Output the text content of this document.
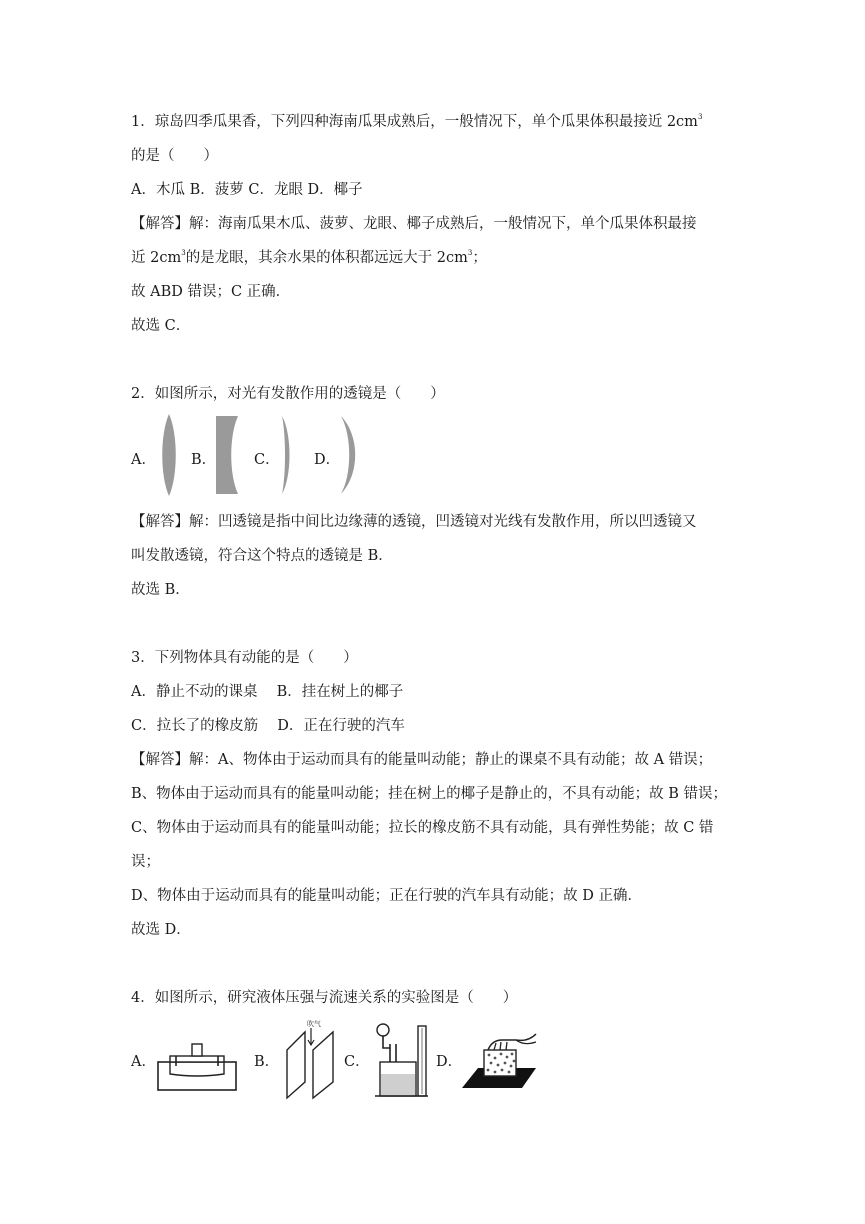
1．琼岛四季瓜果香，下列四种海南瓜果成熟后，一般情况下，单个瓜果体积最接近 $2cm^3$
的是（　　）
A．木瓜 B．菠萝 C．龙眼 D．椰子
【解答】解：海南瓜果木瓜、菠萝、龙眼、椰子成熟后，一般情况下，单个瓜果体积最接
近 $2cm^3$的是龙眼，其余水果的体积都远远大于 $2cm^3$；
故 ABD 错误；C 正确．
故选 C．
2．如图所示，对光有发散作用的透镜是（　　）
A． B．	C． D．
【解答】解：凹透镜是指中间比边缘薄的透镜，凹透镜对光线有发散作用，所以凹透镜又
叫发散透镜，符合这个特点的透镜是 B．
故选 B．
3．下列物体具有动能的是（　　）
A．静止不动的课桌　 B．挂在树上的椰子
C．拉长了的橡皮筋　 D．正在行驶的汽车
【解答】解：A、物体由于运动而具有的能量叫动能；静止的课桌不具有动能；故 A 错误；
B、物体由于运动而具有的能量叫动能；挂在树上的椰子是静止的，不具有动能；故 B 错误；
C、物体由于运动而具有的能量叫动能；拉长的橡皮筋不具有动能，具有弹性势能；故 C 错
误；
D、物体由于运动而具有的能量叫动能；正在行驶的汽车具有动能；故 D 正确．
故选 D．
4．如图所示，研究液体压强与流速关系的实验图是（　　）
A．	B．
吹气
C．	D．
